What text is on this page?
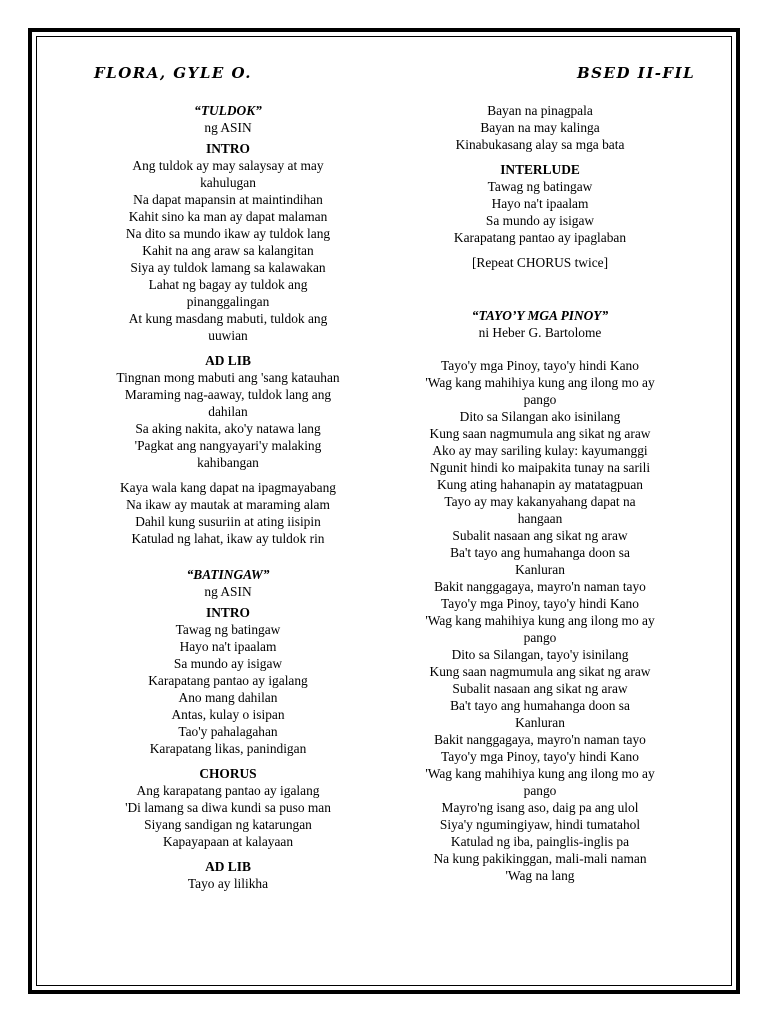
FLORA, GYLE O.	BSED II-FIL
“TULDOK”
ng ASIN
INTRO
Ang tuldok ay may salaysay at may
kahulugan
Na dapat mapansin at maintindihan
Kahit sino ka man ay dapat malaman
Na dito sa mundo ikaw ay tuldok lang
Kahit na ang araw sa kalangitan
Siya ay tuldok lamang sa kalawakan
Lahat ng bagay ay tuldok ang
pinanggalingan
At kung masdang mabuti, tuldok ang
uuwian
AD LIB
Tingnan mong mabuti ang 'sang katauhan
Maraming nag-aaway, tuldok lang ang
dahilan
Sa aking nakita, ako'y natawa lang
'Pagkat ang nangyayari'y malaking
kahibangan
Kaya wala kang dapat na ipagmayabang
Na ikaw ay mautak at maraming alam
Dahil kung susuriin at ating iisipin
Katulad ng lahat, ikaw ay tuldok rin
“BATINGAW”
ng ASIN
INTRO
Tawag ng batingaw
Hayo na't ipaalam
Sa mundo ay isigaw
Karapatang pantao ay igalang
Ano mang dahilan
Antas, kulay o isipan
Tao'y pahalagahan
Karapatang likas, panindigan
CHORUS
Ang karapatang pantao ay igalang
'Di lamang sa diwa kundi sa puso man
Siyang sandigan ng katarungan
Kapayapaan at kalayaan
AD LIB
Tayo ay lilikha
Bayan na pinagpala
Bayan na may kalinga
Kinabukasang alay sa mga bata
INTERLUDE
Tawag ng batingaw
Hayo na't ipaalam
Sa mundo ay isigaw
Karapatang pantao ay ipaglaban
[Repeat CHORUS twice]
“TAYO’Y MGA PINOY”
ni Heber G. Bartolome
Tayo'y mga Pinoy, tayo'y hindi Kano
'Wag kang mahihiya kung ang ilong mo ay
pango
Dito sa Silangan ako isinilang
Kung saan nagmumula ang sikat ng araw
Ako ay may sariling kulay: kayumanggi
Ngunit hindi ko maipakita tunay na sarili
Kung ating hahanapin ay matatagpuan
Tayo ay may kakanyahang dapat na
hangaan
Subalit nasaan ang sikat ng araw
Ba't tayo ang humahanga doon sa
Kanluran
Bakit nanggagaya, mayro'n naman tayo
Tayo'y mga Pinoy, tayo'y hindi Kano
'Wag kang mahihiya kung ang ilong mo ay
pango
Dito sa Silangan, tayo'y isinilang
Kung saan nagmumula ang sikat ng araw
Subalit nasaan ang sikat ng araw
Ba't tayo ang humahanga doon sa
Kanluran
Bakit nanggagaya, mayro'n naman tayo
Tayo'y mga Pinoy, tayo'y hindi Kano
'Wag kang mahihiya kung ang ilong mo ay
pango
Mayro'ng isang aso, daig pa ang ulol
Siya'y ngumingiyaw, hindi tumatahol
Katulad ng iba, painglis-inglis pa
Na kung pakikinggan, mali-mali naman
'Wag na lang
